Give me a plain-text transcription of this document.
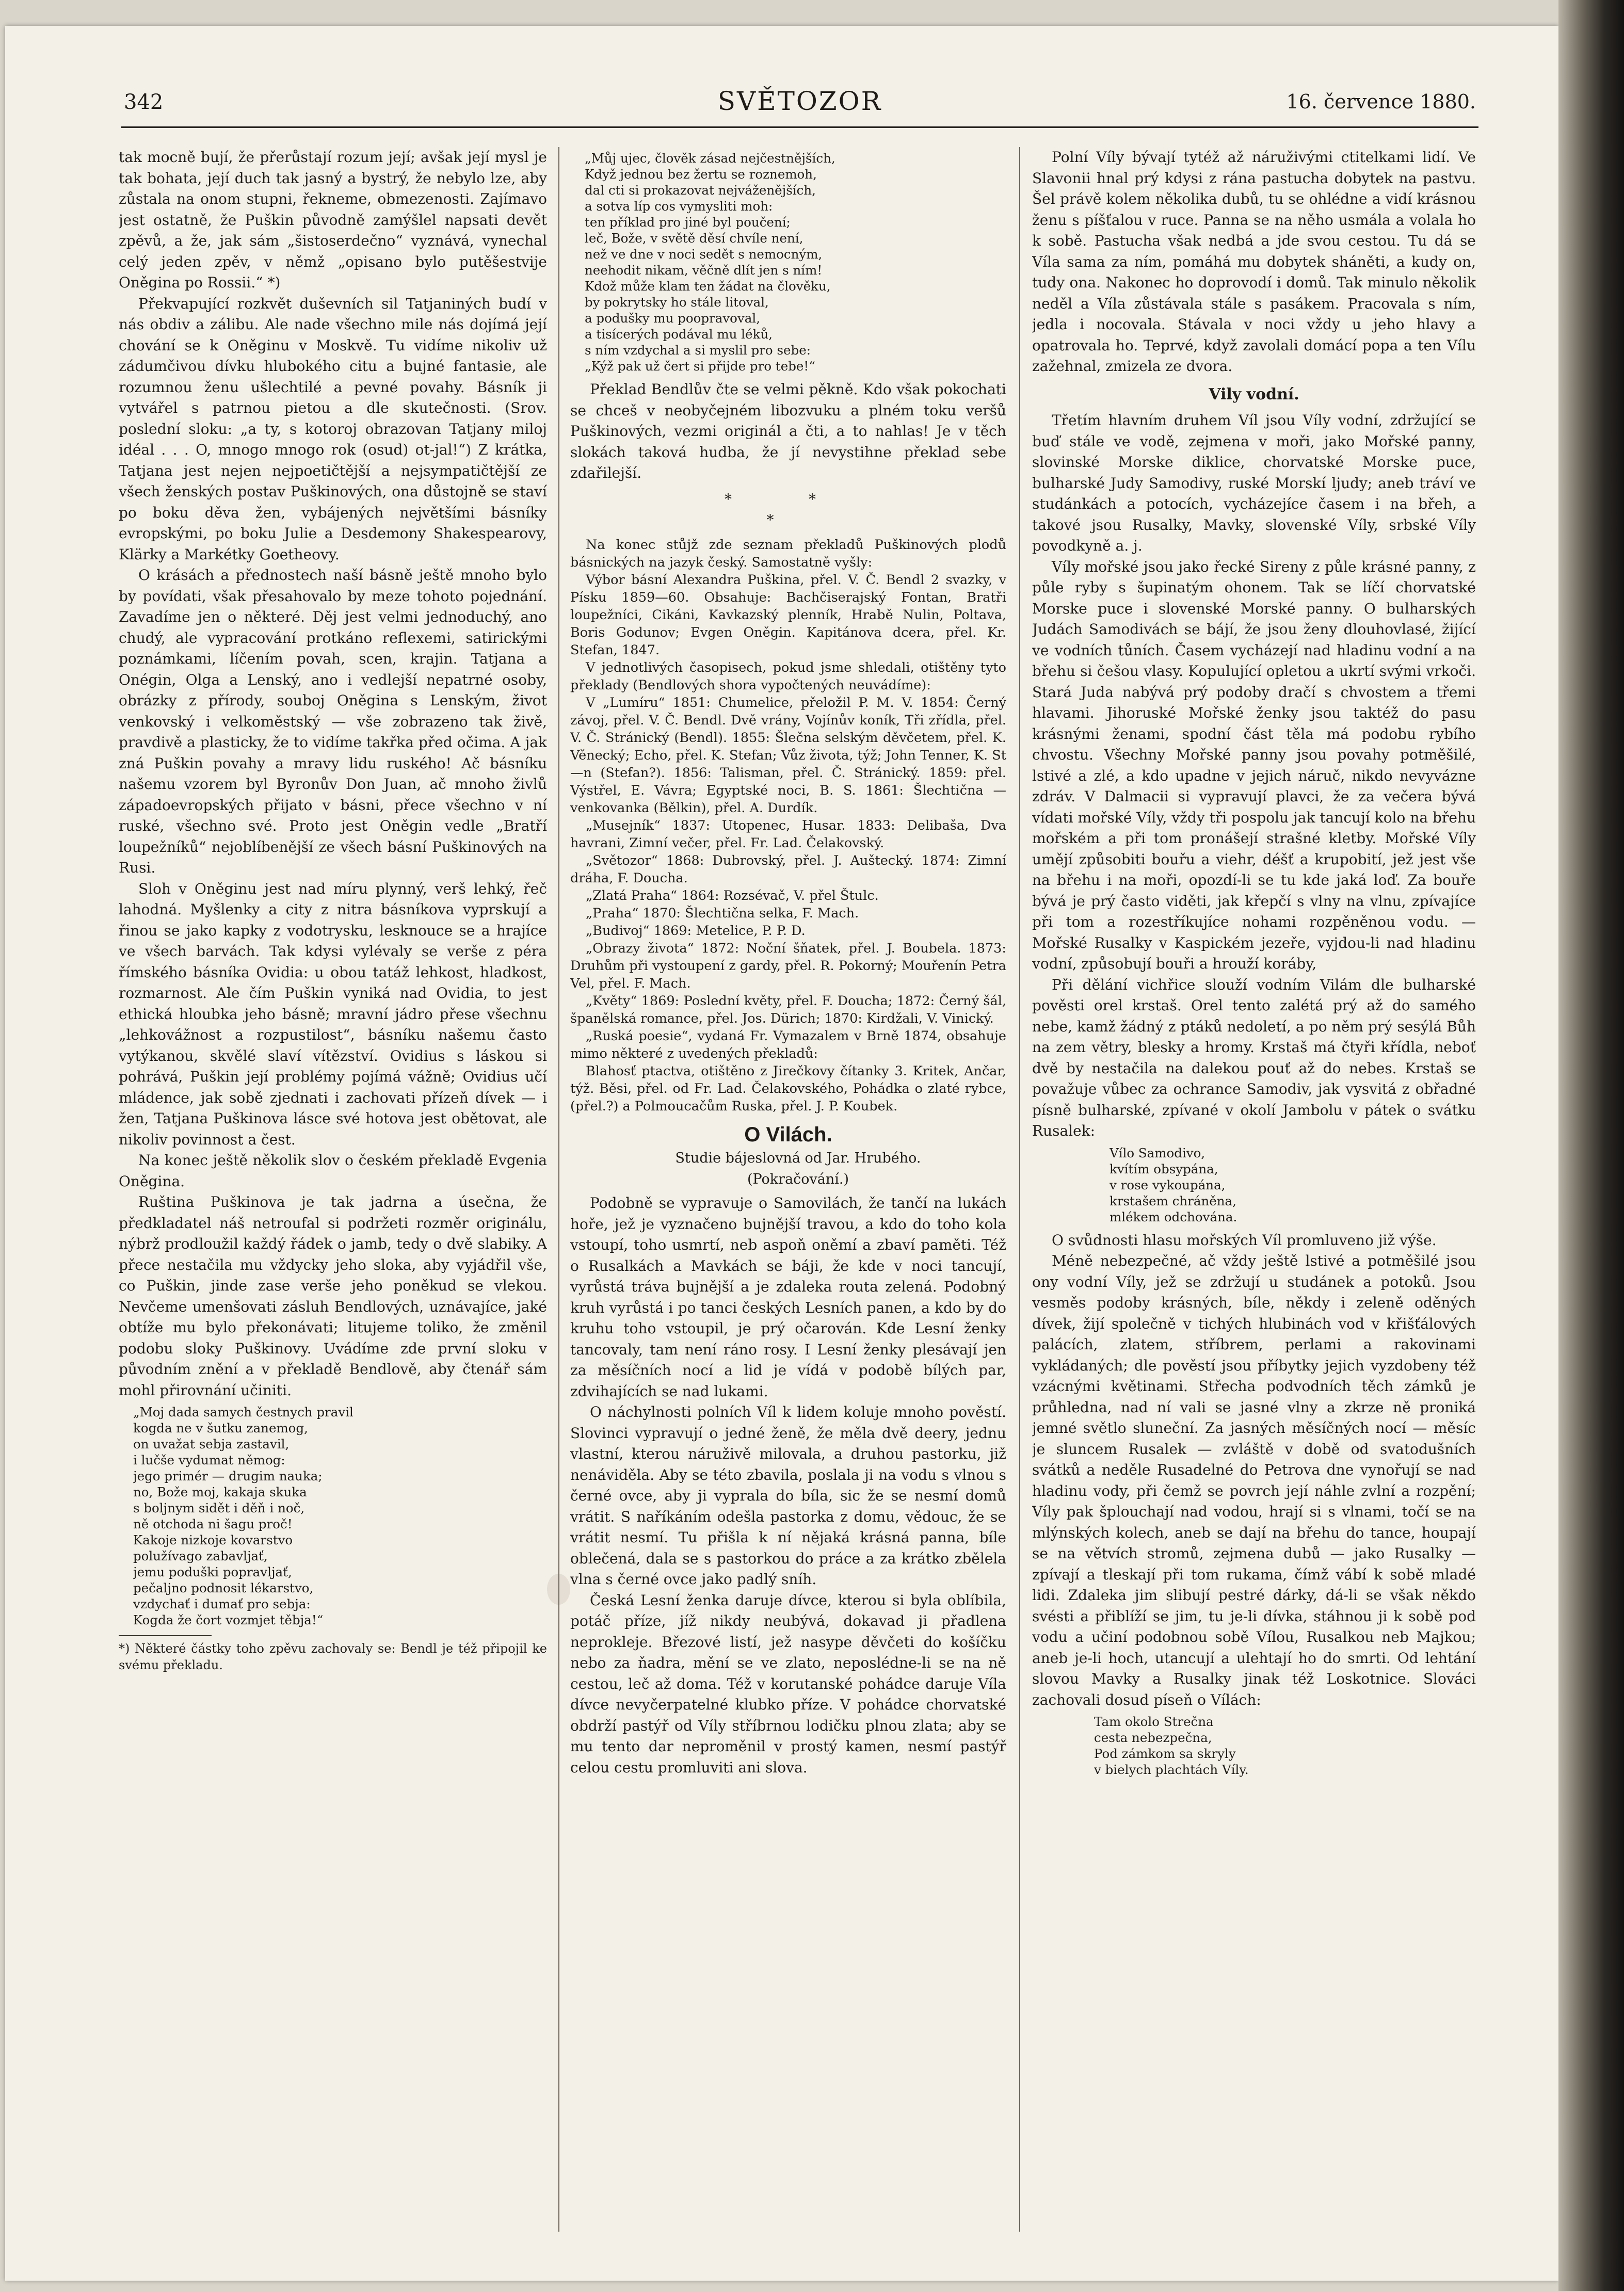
342	SVĚTOZOR	16. července 1880.

tak mocně bují, že přerůstají rozum její; avšak její mysl je tak bohata, její duch tak jasný a bystrý, že nebylo lze, aby zůstala na onom stupni, řekneme, obmezenosti. Zajímavo jest ostatně, že Puškin původně zamýšlel napsati devět zpěvů, a že, jak sám „šistoserdečno“ vyznává, vynechal celý jeden zpěv, v němž „opisano bylo putěšestvije Oněgina po Rossii.“ *)

Překvapující rozkvět duševních sil Tatjaniných budí v nás obdiv a zálibu. Ale nade všechno mile nás dojímá její chování se k Oněginu v Moskvě. Tu vidíme nikoliv už zádumčivou dívku hlubokého citu a bujné fantasie, ale rozumnou ženu ušlechtilé a pevné povahy. Básník ji vytvářel s patrnou pietou a dle skutečnosti. (Srov. poslední sloku: „a ty, s kotoroj obrazovan Tatjany miloj idéal . . . O, mnogo mnogo rok (osud) ot-jal!“) Z krátka, Tatjana jest nejen nejpoetičtější a nejsympatičtější ze všech ženských postav Puškinových, ona důstojně se staví po boku děva žen, vybájených největšími básníky evropskými, po boku Julie a Desdemony Shakespearovy, Klärky a Markétky Goetheovy.

O krásách a přednostech naší básně ještě mnoho bylo by povídati, však přesahovalo by meze tohoto pojednání. Zavadíme jen o některé. Děj jest velmi jednoduchý, ano chudý, ale vypracování protkáno reflexemi, satirickými poznámkami, líčením povah, scen, krajin. Tatjana a Onégin, Olga a Lenský, ano i vedlejší nepatrné osoby, obrázky z přírody, souboj Oněgina s Lenským, život venkovský i velkoměstský — vše zobrazeno tak živě, pravdivě a plasticky, že to vidíme takřka před očima. A jak zná Puškin povahy a mravy lidu ruského! Ač básníku našemu vzorem byl Byronův Don Juan, ač mnoho živlů západoevropských přijato v básni, přece všechno v ní ruské, všechno své. Proto jest Oněgin vedle „Bratří loupežníků“ nejoblíbenější ze všech básní Puškinových na Rusi.

Sloh v Oněginu jest nad míru plynný, verš lehký, řeč lahodná. Myšlenky a city z nitra básníkova vyprskují a řinou se jako kapky z vodotrysku, lesknouce se a hrajíce ve všech barvách. Tak kdysi vylévaly se verše z péra římského básníka Ovidia: u obou tatáž lehkost, hladkost, rozmarnost. Ale čím Puškin vyniká nad Ovidia, to jest ethická hloubka jeho básně; mravní jádro přese všechnu „lehkovážnost a rozpustilost“, básníku našemu často vytýkanou, skvělé slaví vítězství. Ovidius s láskou si pohrává, Puškin její problémy pojímá vážně; Ovidius učí mládence, jak sobě zjednati i zachovati přízeň dívek — i žen, Tatjana Puškinova lásce své hotova jest obětovat, ale nikoliv povinnost a čest.

Na konec ještě několik slov o českém překladě Evgenia Oněgina.

Ruština Puškinova je tak jadrna a úsečna, že předkladatel náš netroufal si podržeti rozměr originálu, nýbrž prodloužil každý řádek o jamb, tedy o dvě slabiky. A přece nestačila mu vždycky jeho sloka, aby vyjádřil vše, co Puškin, jinde zase verše jeho poněkud se vlekou. Nevčeme umenšovati zásluh Bendlových, uznávajíce, jaké obtíže mu bylo překonávati; litujeme toliko, že změnil podobu sloky Puškinovy. Uvádíme zde první sloku v původním znění a v překladě Bendlově, aby čtenář sám mohl přirovnání učiniti.

„Moj dada samych čestnych pravil
kogda ne v šutku zanemog,
on uvažat sebja zastavil,
i lučše vydumat němog:
jego primér — drugim nauka;
no, Bože moj, kakaja skuka
s boljnym sidět i děň i noč,
ně otchoda ni šagu proč!
Kakoje nizkoje kovarstvo
polužívago zabavljať,
jemu poduški popravljať,
pečaljno podnosit lékarstvo,
vzdychať i dumať pro sebja:
Kogda že čort vozmjet těbja!“
*) Některé částky toho zpěvu zachovaly se: Bendl je též připojil ke svému překladu.
„Můj ujec, člověk zásad nejčestnějších,
Když jednou bez žertu se roznemoh,
dal cti si prokazovat nejváženějších,
a sotva líp cos vymysliti moh:
ten příklad pro jiné byl poučení;
leč, Bože, v světě děsí chvíle není,
než ve dne v noci sedět s nemocným,
neehodit nikam, věčně dlít jen s ním!
Kdož může klam ten žádat na člověku,
by pokrytsky ho stále litoval,
a podušky mu poopravoval,
a tisícerých podával mu léků,
s ním vzdychal a si myslil pro sebe:
„Kýž pak už čert si přijde pro tebe!“

Překlad Bendlův čte se velmi pěkně. Kdo však pokochati se chceš v neobyčejném libozvuku a plném toku veršů Puškinových, vezmi originál a čti, a to nahlas! Je v těch slokách taková hudba, že jí nevystihne překlad sebe zdařilejší.

* *
*

Na konec stůjž zde seznam překladů Puškinových plodů básnických na jazyk český. Samostatně vyšly:

Výbor básní Alexandra Puškina, přel. V. Č. Bendl 2 svazky, v Písku 1859—60. Obsahuje: Bachčiserajský Fontan, Bratři loupežníci, Cikáni, Kavkazský plenník, Hrabě Nulin, Poltava, Boris Godunov; Evgen Oněgin. Kapitánova dcera, přel. Kr. Stefan, 1847.

V jednotlivých časopisech, pokud jsme shledali, otištěny tyto překlady (Bendlových shora vypočtených neuvádíme):

V „Lumíru“ 1851: Chumelice, přeložil P. M. V. 1854: Černý závoj, přel. V. Č. Bendl. Dvě vrány, Vojínův koník, Tři zřídla, přel. V. Č. Stránický (Bendl). 1855: Šlečna selským děvčetem, přel. K. Věnecký; Echo, přel. K. Stefan; Vůz života, týž; John Tenner, K. St—n (Stefan?). 1856: Talisman, přel. Č. Stránický. 1859: přel. Výstřel, E. Vávra; Egyptské noci, B. S. 1861: Šlechtična — venkovanka (Bělkin), přel. A. Durdík.

„Musejník“ 1837: Utopenec, Husar. 1833: Delibaša, Dva havrani, Zimní večer, přel. Fr. Lad. Čelakovský.

„Světozor“ 1868: Dubrovský, přel. J. Auštecký. 1874: Zimní dráha, F. Doucha.

„Zlatá Praha“ 1864: Rozsévač, V. přel Štulc.

„Praha“ 1870: Šlechtična selka, F. Mach.

„Budivoj“ 1869: Metelice, P. P. D.

„Obrazy života“ 1872: Noční šňatek, přel. J. Boubela. 1873: Druhům při vystoupení z gardy, přel. R. Pokorný; Mouřenín Petra Vel, přel. F. Mach.

„Květy“ 1869: Poslední květy, přel. F. Doucha; 1872: Černý šál, španělská romance, přel. Jos. Dürich; 1870: Kirdžali, V. Vinický.

„Ruská poesie“, vydaná Fr. Vymazalem v Brně 1874, obsahuje mimo některé z uvedených překladů:

Blahosť ptactva, otištěno z Jirečkovy čítanky 3. Kritek, Ančar, týž. Běsi, přel. od Fr. Lad. Čelakovského, Pohádka o zlaté rybce, (přel.?) a Polmoucačům Ruska, přel. J. P. Koubek.

O Vilách.

Studie bájeslovná od Jar. Hrubého.

(Pokračování.)

Podobně se vypravuje o Samovilách, že tančí na lukách hoře, jež je vyznačeno bujnější travou, a kdo do toho kola vstoupí, toho usmrtí, neb aspoň oněmí a zbaví paměti. Též o Rusalkách a Mavkách se báji, že kde v noci tancují, vyrůstá tráva bujnější a je zdaleka routa zelená. Podobný kruh vyrůstá i po tanci českých Lesních panen, a kdo by do kruhu toho vstoupil, je prý očarován. Kde Lesní ženky tancovaly, tam není ráno rosy. I Lesní ženky plesávají jen za měsíčních nocí a lid je vídá v podobě bílých par, zdvihajících se nad lukami.

O náchylnosti polních Víl k lidem koluje mnoho pověstí. Slovinci vypravují o jedné ženě, že měla dvě deery, jednu vlastní, kterou náruživě milovala, a druhou pastorku, již nenáviděla. Aby se této zbavila, poslala ji na vodu s vlnou s černé ovce, aby ji vyprala do bíla, sic že se nesmí domů vrátit. S naříkáním odešla pastorka z domu, vědouc, že se vrátit nesmí. Tu přišla k ní nějaká krásná panna, bíle oblečená, dala se s pastorkou do práce a za krátko zbělela vlna s černé ovce jako padlý sníh.

Česká Lesní ženka daruje dívce, kterou si byla oblíbila, potáč příze, jíž nikdy neubývá, dokavad ji přadlena neprokleje. Březové listí, jež nasype děvčeti do košíčku nebo za ňadra, mění se ve zlato, neposlédne-li se na ně cestou, leč až doma. Též v korutanské pohádce daruje Víla dívce nevyčerpatelné klubko příze. V pohádce chorvatské obdrží pastýř od Víly stříbrnou lodičku plnou zlata; aby se mu tento dar neproměnil v prostý kamen, nesmí pastýř celou cestu promluviti ani slova.

Polní Víly bývají tytéž až náruživými ctitelkami lidí. Ve Slavonii hnal prý kdysi z rána pastucha dobytek na pastvu. Šel právě kolem několika dubů, tu se ohlédne a vidí krásnou ženu s píšťalou v ruce. Panna se na něho usmála a volala ho k sobě. Pastucha však nedbá a jde svou cestou. Tu dá se Víla sama za ním, pomáhá mu dobytek sháněti, a kudy on, tudy ona. Nakonec ho doprovodí i domů. Tak minulo několik neděl a Víla zůstávala stále s pasákem. Pracovala s ním, jedla i nocovala. Stávala v noci vždy u jeho hlavy a opatrovala ho. Teprvé, když zavolali domácí popa a ten Vílu zažehnal, zmizela ze dvora.

Vily vodní.

Třetím hlavním druhem Víl jsou Víly vodní, zdržující se buď stále ve vodě, zejmena v moři, jako Mořské panny, slovinské Morske diklice, chorvatské Morske puce, bulharské Judy Samodivy, ruské Morskí ljudy; aneb tráví ve studánkách a potocích, vycházejíce časem i na břeh, a takové jsou Rusalky, Mavky, slovenské Víly, srbské Víly povodkyně a. j.

Víly mořské jsou jako řecké Sireny z půle krásné panny, z půle ryby s šupinatým ohonem. Tak se líčí chorvatské Morske puce i slovenské Morské panny. O bulharských Judách Samodivách se bájí, že jsou ženy dlouhovlasé, žijící ve vodních tůních. Časem vycházejí nad hladinu vodní a na břehu si češou vlasy. Kopulující opletou a ukrtí svými vrkoči. Stará Juda nabývá prý podoby dračí s chvostem a třemi hlavami. Jihoruské Mořské ženky jsou taktéž do pasu krásnými ženami, spodní část těla má podobu rybího chvostu. Všechny Mořské panny jsou povahy potměšilé, lstivé a zlé, a kdo upadne v jejich náruč, nikdo nevyvázne zdráv. V Dalmacii si vypravují plavci, že za večera bývá vídati mořské Víly, vždy tři pospolu jak tancují kolo na břehu mořském a při tom pronášejí strašné kletby. Mořské Víly umějí způsobiti bouřu a viehr, déšť a krupobití, jež jest vše na břehu i na moři, opozdí-li se tu kde jaká loď. Za bouře bývá je prý často viděti, jak křepčí s vlny na vlnu, zpívajíce při tom a rozestříkujíce nohami rozpěněnou vodu. — Mořské Rusalky v Kaspickém jezeře, vyjdou-li nad hladinu vodní, způsobují bouři a hrouží koráby,

Při dělání vichřice slouží vodním Vilám dle bulharské pověsti orel krstaš. Orel tento zalétá prý až do samého nebe, kamž žádný z ptáků nedoletí, a po něm prý sesýlá Bůh na zem větry, blesky a hromy. Krstaš má čtyři křídla, neboť dvě by nestačila na dalekou pouť až do nebes. Krstaš se považuje vůbec za ochrance Samodiv, jak vysvitá z obřadné písně bulharské, zpívané v okolí Jambolu v pátek o svátku Rusalek:

Vílo Samodivo,
kvítím obsypána,
v rose vykoupána,
krstašem chráněna,
mlékem odchována.

O svůdnosti hlasu mořských Víl promluveno již výše.

Méně nebezpečné, ač vždy ještě lstivé a potměšilé jsou ony vodní Víly, jež se zdržují u studánek a potoků. Jsou vesměs podoby krásných, bíle, někdy i zeleně oděných dívek, žijí společně v tichých hlubinách vod v křišťálových palácích, zlatem, stříbrem, perlami a rakovinami vykládaných; dle pověstí jsou příbytky jejich vyzdobeny též vzácnými květinami. Střecha podvodních těch zámků je průhledna, nad ní vali se jasné vlny a zkrze ně proniká jemné světlo sluneční. Za jasných měsíčných nocí — měsíc je sluncem Rusalek — zvláště v době od svatodušních svátků a neděle Rusadelné do Petrova dne vynořují se nad hladinu vody, při čemž se povrch její náhle zvlní a rozpění; Víly pak šplouchají nad vodou, hrají si s vlnami, točí se na mlýnských kolech, aneb se dají na břehu do tance, houpají se na větvích stromů, zejmena dubů — jako Rusalky — zpívají a tleskají při tom rukama, čímž vábí k sobě mladé lidi. Zdaleka jim slibují pestré dárky, dá-li se však někdo svésti a přiblíží se jim, tu je-li dívka, stáhnou ji k sobě pod vodu a učiní podobnou sobě Vílou, Rusalkou neb Majkou; aneb je-li hoch, utancují a ulehtají ho do smrti. Od lehtání slovou Mavky a Rusalky jinak též Loskotnice. Slováci zachovali dosud píseň o Vílách:

Tam okolo Strečna
cesta nebezpečna,
Pod zámkom sa skryly
v bielych plachtách Víly.
